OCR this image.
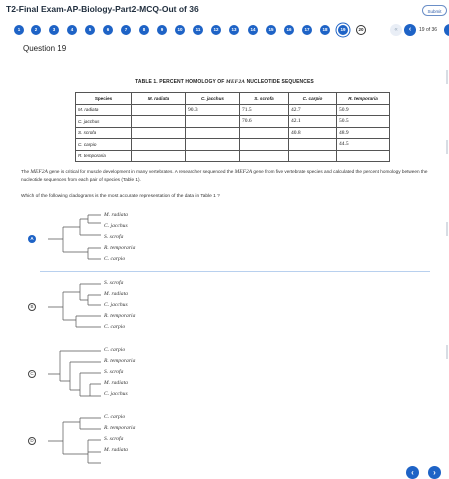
T2-Final Exam-AP-Biology-Part2-MCQ-Out of 36	Submit
1	2	3	4	5	6	7	8	9	10	11	12	13	14	15	16	17	18	19	20	«	‹	19 of 36
Question 19
TABLE 1. PERCENT HOMOLOGY OF MEF2A NUCLEOTIDE SEQUENCES
Species	M. radiata	C. jacchus	S. scrofa	C. carpio	R. temporaria
M. radiata		90.3	71.5	42.7	50.9
C. jacchus			70.6	42.1	50.5
S. scrofa				40.8	48.9
C. carpio					44.5
R. temporaria					
The MEF2A gene is critical for muscle development in many vertebrates. A researcher sequenced the MEF2A gene from five vertebrate species and calculated the percent homology between the nucleotide sequences from each pair of species (Table 1).
Which of the following cladograms is the most accurate representation of the data in Table 1 ?
A
M. radiata
C. jacchus
S. scrofa
R. temporaria
C. carpio
B
S. scrofa
M. radiata
C. jacchus
R. temporaria
C. carpio
C
C. carpio
R. temporaria
S. scrofa
M. radiata
C. jacchus
D
C. carpio
R. temporaria
S. scrofa
M. radiata
‹	›
